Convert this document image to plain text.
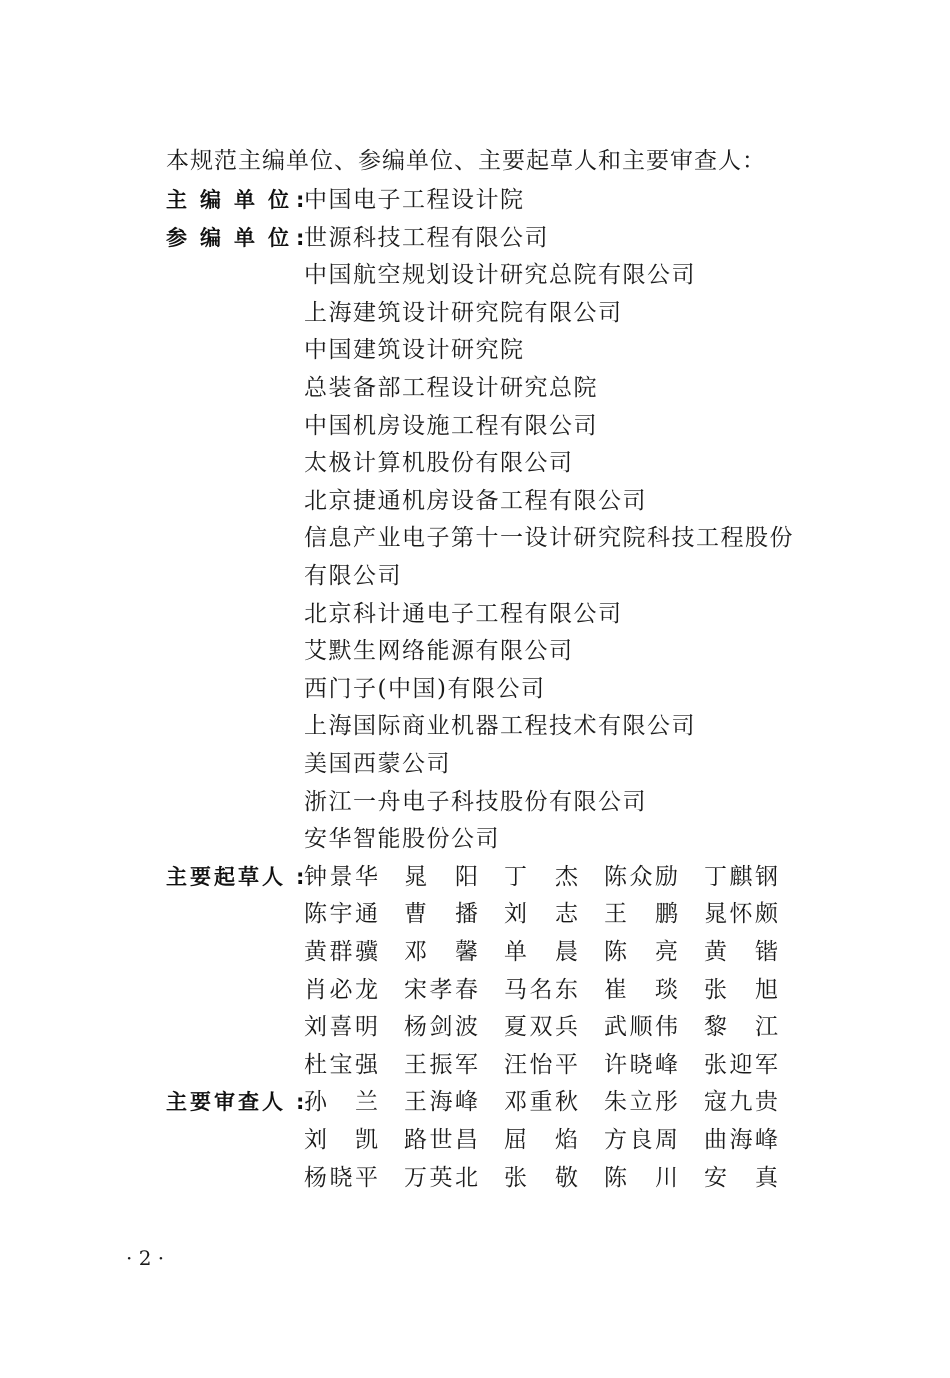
本规范主编单位、参编单位、主要起草人和主要审查人：
主 编 单 位 : 中国电子工程设计院
参 编 单 位 : 世源科技工程有限公司
中国航空规划设计研究总院有限公司
上海建筑设计研究院有限公司
中国建筑设计研究院
总装备部工程设计研究总院
中国机房设施工程有限公司
太极计算机股份有限公司
北京捷通机房设备工程有限公司
信息产业电子第十一设计研究院科技工程股份
有限公司
北京科计通电子工程有限公司
艾默生网络能源有限公司
西门子(中国)有限公司
上海国际商业机器工程技术有限公司
美国西蒙公司
浙江一舟电子科技股份有限公司
安华智能股份公司
主 要 起 草 人 : 钟 景 华 晁 阳 丁 杰 陈 众 励 丁 麒 钢
陈 宇 通 曹 播 刘 志 王 鹏 晁 怀 颇
黄 群 骥 邓 馨 单 晨 陈 亮 黄 锴
肖 必 龙 宋 孝 春 马 名 东 崔 琰 张 旭
刘 喜 明 杨 剑 波 夏 双 兵 武 顺 伟 黎 江
杜 宝 强 王 振 军 汪 怡 平 许 晓 峰 张 迎 军
主 要 审 查 人 : 孙 兰 王 海 峰 邓 重 秋 朱 立 彤 寇 九 贵
刘 凯 路 世 昌 屈 焰 方 良 周 曲 海 峰
杨 晓 平 万 英 北 张 敬 陈 川 安 真
· 2 ·
